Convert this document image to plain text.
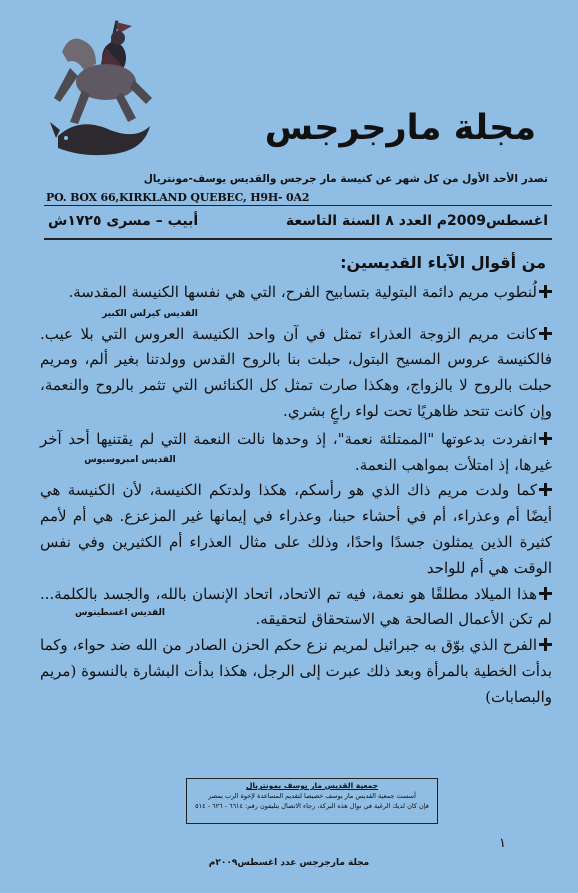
مجلة مارجرجس
تصدر الأحد الأول من كل شهر عن كنيسة مار جرجس والقديس يوسف-مونتريال
PO. BOX 66,KIRKLAND QUEBEC, H9H- 0A2
اغسطس2009م
العدد ٨ السنة التاسعة
أبيب – مسرى ١٧٢٥ش
من أقوال الآباء القديسين:
لُنطوب مريم دائمة البتولية بتسابيح الفرح، التي هي نفسها الكنيسة المقدسة.
القديس كيرلس الكبير
كانت مريم الزوجة العذراء تمثل في آن واحد الكنيسة العروس التي بلا عيب. فالكنيسة عروس المسيح البتول، حبلت بنا بالروح القدس وولدتنا بغير ألم، ومريم حبلت بالروح لا بالزواج، وهكذا صارت تمثل كل الكنائس التي تثمر بالروح والنعمة، وإن كانت تتحد ظاهريًا تحت لواء راعٍ بشري.
انفردت بدعوتها "الممتلئة نعمة"، إذ وحدها نالت النعمة التي لم يقتنيها أحد آخر غيرها، إذ امتلأت بمواهب النعمة.
القديس امبروسيوس
كما ولدت مريم ذاك الذي هو رأسكم، هكذا ولدتكم الكنيسة، لأن الكنيسة هي أيضًا أم وعذراء، أم في أحشاء حبنا، وعذراء في إيمانها غير المزعزع. هي أم لأمم كثيرة الذين يمثلون جسدًا واحدًا، وذلك على مثال العذراء أم الكثيرين وفي نفس الوقت هي أم للواحد
هذا الميلاد مطلقًا هو نعمة، فيه تم الاتحاد، اتحاد الإنسان بالله، والجسد بالكلمة... لم تكن الأعمال الصالحة هي الاستحقاق لتحقيقه.
القديس اغسطينوس
الفرح الذي بوّق به جبرائيل لمريم نزع حكم الحزن الصادر من الله ضد حواء، وكما بدأت الخطية بالمرأة وبعد ذلك عبرت إلى الرجل، هكذا بدأت البشارة بالنسوة (مريم والبصابات)
جمعية القديس مار يوسف بمونتريال
أسست جمعية القديس مار يوسف خصيصا لتقديم المساعدة لإخوة الرب بمصر
فإن كان لديك الرغبة في نوال هذه البركة، رجاء الاتصال بتليفون رقم: ٦٦١٤ - ٦٢٦ - ٥١٤
١
مجلة مارجرجس عدد اغسطس٢٠٠٩م
